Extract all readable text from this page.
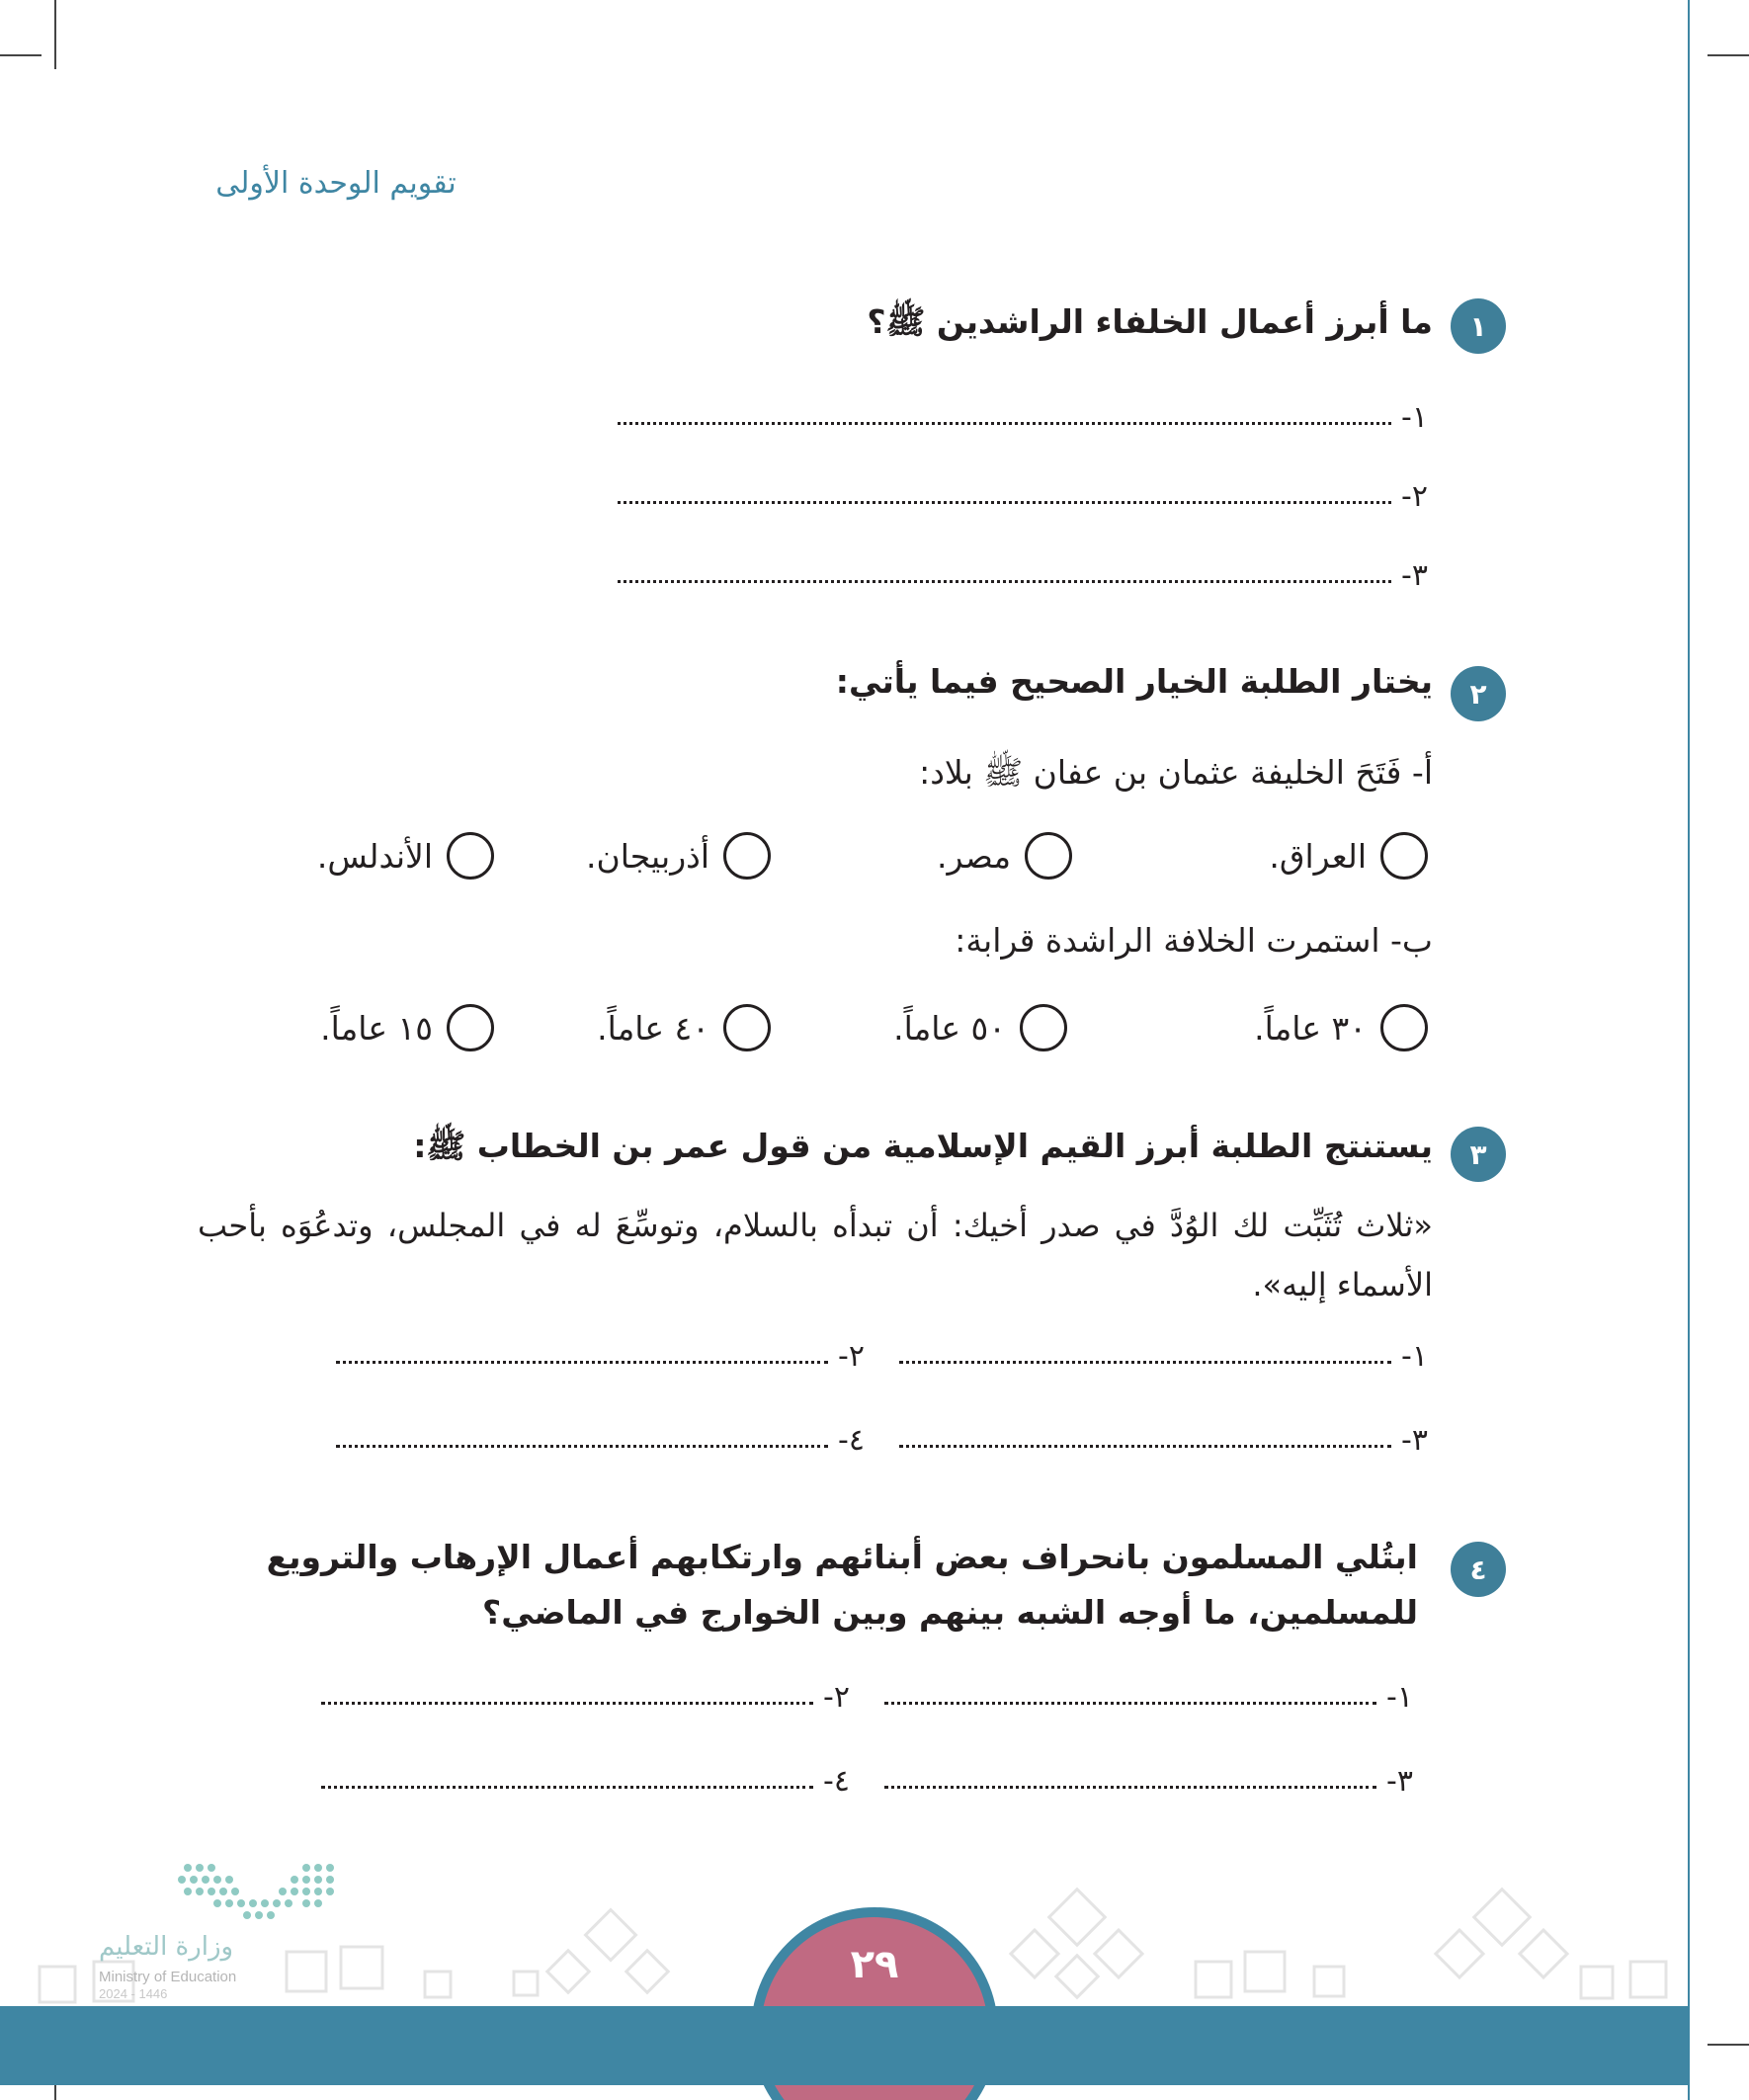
تقويم الوحدة الأولى
١
ما أبرز أعمال الخلفاء الراشدين ﷺ؟
١-
٢-
٣-
٢
يختار الطلبة الخيار الصحيح فيما يأتي:
أ- فَتَحَ الخليفة عثمان بن عفان ﷺ بلاد:
العراق.
مصر.
أذربيجان.
الأندلس.
ب- استمرت الخلافة الراشدة قرابة:
٣٠ عاماً.
٥٠ عاماً.
٤٠ عاماً.
١٥ عاماً.
٣
يستنتج الطلبة أبرز القيم الإسلامية من قول عمر بن الخطاب ﷺ:
«ثلاث تُثَبِّت لك الوُدَّ في صدر أخيك: أن تبدأه بالسلام، وتوسِّعَ له في المجلس، وتدعُوَه بأحب الأسماء إليه».
١-
٢-
٣-
٤-
٤
ابتُلي المسلمون بانحراف بعض أبنائهم وارتكابهم أعمال الإرهاب والترويع للمسلمين، ما أوجه الشبه بينهم وبين الخوارج في الماضي؟
١-
٢-
٣-
٤-
وزارة التعليم
Ministry of Education
2024 - 1446
٢٩
